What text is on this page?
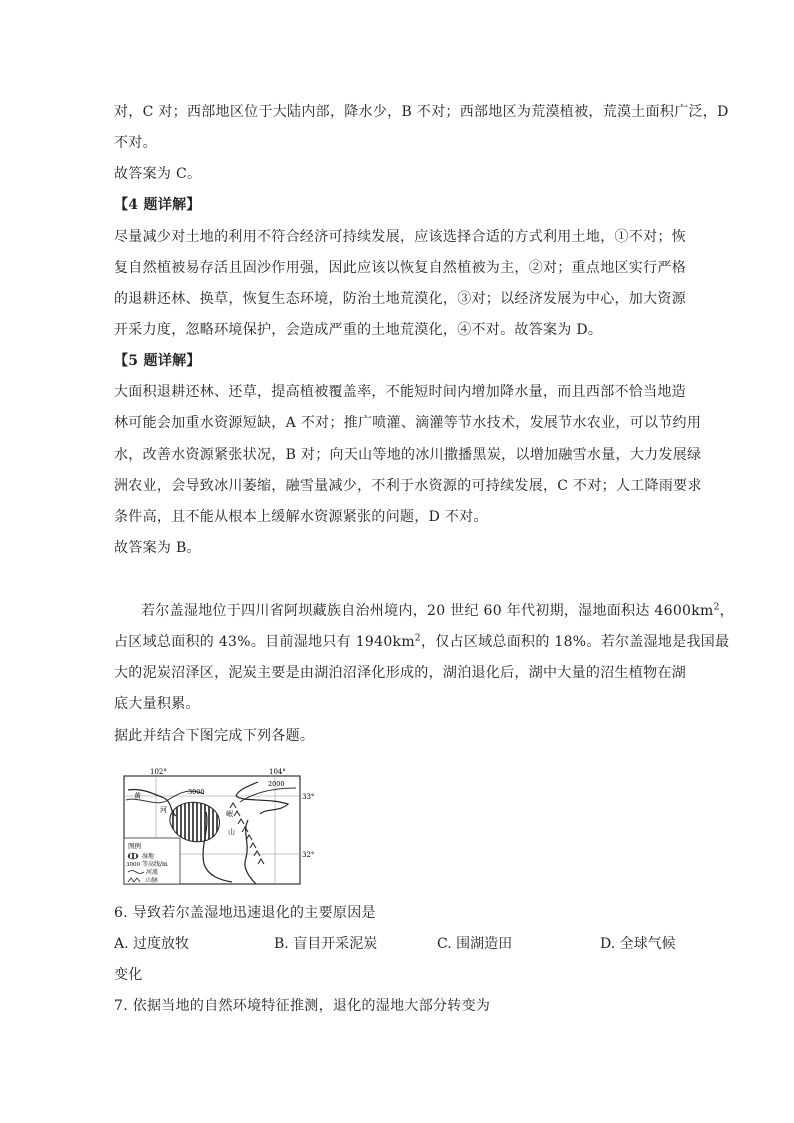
对，C 对；西部地区位于大陆内部，降水少，B 不对；西部地区为荒漠植被，荒漠土面积广泛，D
不对。
故答案为 C。
【4 题详解】
尽量减少对土地的利用不符合经济可持续发展，应该选择合适的方式利用土地，①不对；恢
复自然植被易存活且固沙作用强，因此应该以恢复自然植被为主，②对；重点地区实行严格
的退耕还林、换草，恢复生态环境，防治土地荒漠化，③对；以经济发展为中心，加大资源
开采力度，忽略环境保护，会造成严重的土地荒漠化，④不对。故答案为 D。
【5 题详解】
大面积退耕还林、还草，提高植被覆盖率，不能短时间内增加降水量，而且西部不恰当地造
林可能会加重水资源短缺，A 不对；推广喷灌、滴灌等节水技术，发展节水农业，可以节约用
水，改善水资源紧张状况，B 对；向天山等地的冰川撒播黑炭，以增加融雪水量，大力发展绿
洲农业，会导致冰川萎缩，融雪量减少，不利于水资源的可持续发展，C 不对；人工降雨要求
条件高，且不能从根本上缓解水资源紧张的问题，D 不对。
故答案为 B。
若尔盖湿地位于四川省阿坝藏族自治州境内，20 世纪 60 年代初期，湿地面积达 $4600km^2$，
占区域总面积的 43%。目前湿地只有 $1940km^2$，仅占区域总面积的 18%。若尔盖湿地是我国最
大的泥炭沼泽区，泥炭主要是由湖泊沼泽化形成的，湖泊退化后，湖中大量的沼生植物在湖
底大量积累。
据此并结合下图完成下列各题。
102°	104°
33°
32°
3000
2000
黄
河	岷
山
图例
湿地
3000 等高线/m
河流
山脉
6. 导致若尔盖湿地迅速退化的主要原因是
A. 过度放牧	B. 盲目开采泥炭	C. 围湖造田	D. 全球气候
变化
7. 依据当地的自然环境特征推测，退化的湿地大部分转变为
